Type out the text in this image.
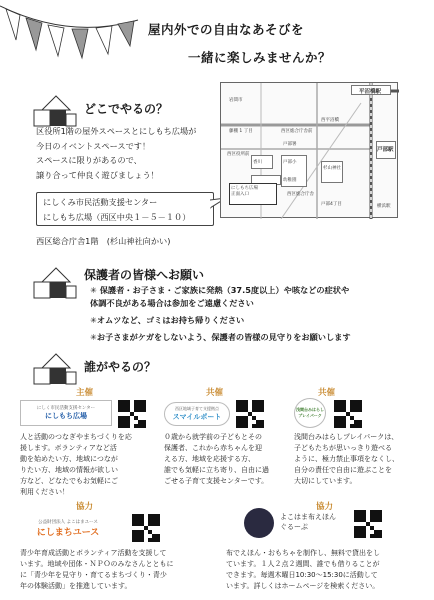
屋内外での自由なあそびを
一緒に楽しみませんか？
どこでやるの？
区役所1階の屋外スペースとにしもち広場が
今日のイベントスペースです！
スペースに限りがあるので、
譲り合って仲良く遊びましょう！
にしくみ市民活動支援センター
にしもち広場（西区中央１－５－１０）
西区総合庁舎1階　(杉山神社向かい)
平沼橋駅
戸部駅
岩間市
西平沼橋
藤棚 1 丁目	西区総合庁舎前
戸部小
戸部署
西区役所前
香川
杉山神社
幼稚園
西区総合庁舎
にしもち広場
正面入口
戸部4丁目	横浜駅
保護者の皆様へお願い
✳ 保護者・お子さま・ご家族に発熱（37.5度以上）や咳などの症状や
体調不良がある場合は参加をご遠慮ください
✳オムツなど、ゴミはお持ち帰りください
✳お子さまがケガをしないよう、保護者の皆様の見守りをお願いします
誰がやるの？
主催
にしく市民活動支援センター
にしもち広場
人と活動のつなぎやまちづくりを応
援します。ボランティアなど活
動を始めたい方、地域につなが
りたい方、地域の情報が欲しい
方など、どなたでもお気軽にご
利用ください！
共催
西区地域子育て支援拠点
スマイルポート
０歳から就学前の子どもとその
保護者、これから赤ちゃんを迎
える方、地域を応援する方、
誰でも気軽に立ち寄り、自由に過
ごせる子育て支援センターです。
共催
浅間台みはらし
プレイパーク
浅間台みはらしプレイパークは、
子どもたちが思いっきり遊べる
ように、極力禁止事項をなくし、
自分の責任で自由に遊ぶことを
大切にしています。
協力
公益財団法人 よこはまユース
にしまちユース
青少年育成活動とボランティア活動を支援して
います。地域や団体・ＮＰＯのみなさんとともに
に「青少年を見守り・育てるまちづくり・青少
年の体験活動」を推進しています。
協力
よこはま布えほん
ぐるーぷ
布でえほん・おもちゃを制作し、無料で貸出をし
ています。１人２点２週間、誰でも借りることが
できます。毎週木曜日10:30～15:30に活動して
います。詳しくはホームページを検索ください。
